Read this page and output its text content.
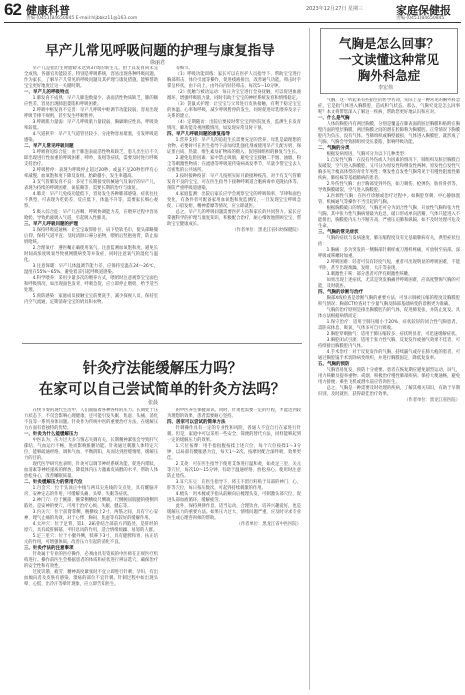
62 健康科普
责编·(0451)84650845 E-mail:hljbbkz11@163.com
2023年12月27日 星期三	家庭保健报
责编·(0451)84650845
早产儿常见呼吸问题的护理与康复指导
徐丽君

早产儿是指出生时胎龄未达到37周的新生儿。由于其发育尚未完全成熟，各器官功能较差，特别是呼吸系统，容易出现各种呼吸问题。作为家长，了解早产儿常见的呼吸问题及其护理与康复措施，能够帮助宝宝更好地度过这一关键时期。

一、早产儿的呼吸特点

1.肺发育不成熟：早产儿肺泡数量少、表面活性物质缺乏，肺的顺应性差，容易出现肺泡萎陷和呼吸困难。

2.呼吸中枢发育不完善：早产儿呼吸中枢调节功能较弱，容易出现呼吸节律不规则，甚至发生呼吸暂停。

3.呼吸肌力量弱：早产儿呼吸肌力量较弱，胸廓顺应性高，呼吸效率较低。

4.气道狭窄：早产儿气道管径较小，分泌物容易堵塞，引发呼吸道感染。

二、早产儿常见呼吸问题

1.呼吸窘迫综合征：由于肺泡表面活性物质缺乏，患儿出生后不久即出现进行性加重的呼吸困难、呻吟、发绀等症状，需要及时进行呼吸支持治疗。

2.呼吸暂停：表现为呼吸停止超过20秒，或虽不足20秒但伴有心率减慢、血氧饱和度下降及发绀。胎龄越小，发生率越高。

3.支气管肺发育不良：多见于长期接受机械通气及氧疗的早产儿，表现为持续的呼吸困难、氧依赖等，需要长期的治疗与康复。

4.肺炎：早产儿免疫功能低下，容易发生各种肺部感染，症状往往不典型，可表现为吃奶差、反应低下、体温不升等，需要家长细心观察。

5.吸入综合征：早产儿吞咽、呼吸协调能力差，在喂养过程中容易呛奶，导致奶液吸入气道，引起吸入性肺炎。

三、早产儿呼吸问题的护理

1.保持呼吸道通畅：让宝宝取仰卧位，肩下垫软毛巾，使头部略微后仰，保持气道平直；及时清除口鼻分泌物，喂奶后竖抱拍背，防止溢奶呛咳。

2.合理氧疗：遵医嘱正确使用氧气，注意监测血氧饱和度，避免长时间高浓度吸氧导致视网膜病变等并发症，同时注意氧气的湿化与温化。

3.注意保暖：早产儿体温调节能力差，应保持室温在24～26℃，湿度在55%～65%，避免着凉引起呼吸道感染。

4.科学喂养：采用少量多次的喂养方式，喂奶时注意观察宝宝面色和呼吸情况，如出现面色发青、呼吸急促，应立即停止喂奶，给予适当处理。

5.预防感染：家庭成员接触宝宝前要洗手，减少探视人员，保持室内空气流通，定期消毒宝宝的奶具和衣物。

等细节。

（1）呼吸功能训练：家长可以在医护人员指导下，帮助宝宝进行胸部叩击、体位引流等操作，促进痰液排出，改善通气功能。叩击时手掌呈杯状，由下向上、由外向内轻轻叩击，每次5～10分钟。

（2）抚触与被动运动：每日为宝宝进行全身抚触，可以促进血液循环，增强呼吸肌力量，同时有助于宝宝的神经系统发育和情绪稳定。

（3）袋鼠式护理：让宝宝与父母进行皮肤接触，有利于稳定宝宝的体温、心率和呼吸，减少呼吸暂停的发生，同时促进母乳喂养及亲子关系的建立。

（4）定期随访：出院后要按时带宝宝到医院复查，监测生长发育情况、肺功能及视网膜情况，如发现异常及时干预。

四、早产儿呼吸问题的康复指导

1.营养支持：早产儿的追赶生长需要充足的营养，母乳是最理想的食物，必要时可在医生指导下添加母乳强化剂或使用早产儿配方奶，保证蛋白质、热量、维生素及矿物质的摄入，促进肺组织的修复与生长。

2.避免危险因素：家中禁止吸烟，避免宝宝接触二手烟、油烟、粉尘等刺激性物质；在流感等呼吸道传染病高发季节，尽量少带宝宝去人员密集的公共场所。

3.按时接种疫苗：早产儿按照实际月龄接种疫苗，对于有支气管肺发育不良的宝宝，可在医生指导下接种呼吸道合胞病毒单克隆抗体等，预防严重呼吸道感染。

4.家庭监测：出院后家长应学会观察宝宝的呼吸频率、节律和面色变化，有条件者可配备家用血氧饱和度监测仪，一旦发现宝宝呼吸急促、口唇发绀、精神萎靡等情况，应立即就医。

总之，早产儿的呼吸问题需要医护人员和家长的共同努力。家长应掌握科学的护理与康复知识，积极配合治疗，耐心细致地照顾宝宝，帮助宝宝健康成长。

（作者单位：黑龙江省妇幼保健院）

针灸疗法能缓解压力吗？
在家可以自己尝试简单的针灸方法吗？
张晨

在快节奏的现代生活中，人们面临着各种各样的压力。长期处于压力状态下，不仅会影响心理健康，还可能引发失眠、焦虑、头痛、消化不良等一系列身体问题。针灸作为传统中医的重要治疗方法，在缓解压力方面有着独特的优势。

一、针灸为什么能缓解压力

中医认为，压力过大多与情志失调有关，长期精神紧张会导致肝气郁结、气血运行不畅，进而影响脏腑功能。针灸通过刺激人体特定穴位，能够疏通经络、调和气血、平衡阴阳，从而达到舒缓情绪、缓解压力的目的。

现代医学研究也表明，针灸可以调节神经系统功能，促进内啡肽、血清素等神经递质的释放，降低体内压力激素皮质醇的水平，帮助人体放松身心，改善睡眠质量。

二、针灸缓解压力的常用穴位

1.百会穴：位于头顶正中线与两耳尖连线的交点处，具有醒脑开窍、安神定志的作用，可缓解头痛、头晕、失眠等症状。

2.神门穴：位于腕部，腕掌侧横纹尺侧端，尺侧腕屈肌腱的桡侧凹陷处，是安神的要穴，可用于治疗心烦、失眠、健忘等。

3.内关穴：位于前臂掌侧，腕横纹上2寸，两筋之间，具有宁心安神、理气止痛的功效，对于心悸、胸闷、焦虑等有较好的缓解作用。

4.太冲穴：位于足背，第1、2跖骨结合部前方凹陷处，是肝经的原穴，具有疏肝解郁、平肝息风的作用，适合情绪烦躁、易怒的人群。

5.足三里穴：位于小腿外侧，犊鼻下3寸，具有健脾和胃、扶正培元的作用，可增强体质，改善压力引起的消化不良。

三、针灸疗法的注意事项

针灸属于专业的医疗操作，必须由具有资质的中医师在正规医疗机构进行。操作前医生会根据患者的体质和症状进行辨证选穴，确保治疗的安全性和有效性。

过度饥饿、疲劳、精神高度紧张时不宜立即进行针刺；孕妇、有出血倾向者及皮肤有感染、溃疡的部位不宜针刺。针刺过程中如出现头晕、心慌、出冷汗等晕针现象，应立即告知医生。

的中医养生保健知识。同时，针灸也需要一定的疗程，才能达到较为理想的效果，患者需要耐心坚持。

四、居家可以尝试的简单方法

针刺操作具有一定的专业性和风险，普通人不宜自行在家进行针刺。但是，家庭中可以采用一些安全、简便的替代方法，同样能够起到一定的缓解压力的效果。

1.穴位按摩：用手指指腹按揉上述穴位，每个穴位按揉1～3分钟，以局部有酸胀感为宜，每天1～2次。按摩时配合深呼吸，效果更佳。

2.艾灸：可在医生指导下使用艾条进行温和灸，如灸足三里、关元等穴位，每次10～15分钟，有助于温通经络、放松身心。使用时注意防止烫伤。

3.耳穴压豆：在医生指导下，将王不留行籽贴于耳部的神门、心、肝等穴位，每日按压数次，可起到持续刺激的作用。

4.梳头：用木梳或手指从前额向后梳理头发，可刺激头部穴位，促进头部血液循环，缓解疲劳。

此外，保持规律作息、适当运动、合理饮食、培养兴趣爱好，也是缓解压力的重要方法。如果压力过大、情绪问题严重，应及时寻求专业医生或心理咨询师的帮助。

（作者单位：黑龙江省中医医院）

气胸是怎么回事？
一文读懂这种常见
胸外科急症
李宏伟

气胸，这一听起来有些陌生的医学名词，实际上是一种常见的胸外科急症。它是指气体进入胸膜腔，造成积气状态。那么，气胸究竟是怎么回事呢？本文将带您深入了解这一疾病，帮助您更好地认识和应对。

一、什么是气胸

人体的胸腔内有两层胸膜，分别是覆盖在肺表面的脏层胸膜和贴附在胸壁内面的壁层胸膜，两层胸膜之间的潜在腔隙称为胸膜腔。正常情况下胸膜腔内为负压，没有气体。当肺组织或胸壁破损，气体进入胸膜腔，就形成了气胸。气胸会导致肺组织受压萎陷，影响呼吸功能。

二、气胸的分类

根据发病原因，气胸可分为以下几种类型：

1.自发性气胸：在没有外伤或人为因素的情况下，肺组织及脏层胸膜自发破裂，空气进入胸膜腔。又可分为原发性和继发性两种。原发性自发性气胸多见于瘦高体型的青壮年男性；继发性自发性气胸常见于有慢性阻塞性肺疾病、肺结核等基础肺病的患者。

2.外伤性气胸：由于胸部受到外伤，如刀刺伤、枪弹伤、肋骨骨折等，导致胸膜破裂，空气进入胸膜腔。

3.医源性气胸：在医疗诊断或治疗过程中，如胸腔穿刺、中心静脉置管、机械通气等操作不当引起的气胸。

根据胸膜破口的情况，气胸还可分为闭合性气胸、开放性气胸和张力性气胸。其中张力性气胸病情最为危急，破口形成单向活瓣，气体只能进入不能排出，胸膜腔内压力不断升高，严重压迫肺和纵隔，如不及时处理可危及生命。

三、气胸的常见症状

气胸的症状与发病速度、肺压缩程度及有无基础肺病有关，典型症状包括：

1.胸痛：多为突发的一侧胸部针刺样或刀割样疼痛，可放射至肩部，深呼吸或咳嗽时加重。

2.呼吸困难：轻者可仅有轻度气短，重者可出现明显的呼吸困难，不能平卧，甚至出现烦躁、发绀、大汗等表现。

3.刺激性干咳：部分患者可伴有刺激性咳嗽。

如果出现上述症状，尤其是突发胸痛伴呼吸困难，应高度警惕气胸的可能，及时就医。

四、气胸的诊断与治疗

胸部X线检查是诊断气胸的重要方法，可显示肺被压缩的程度及胸膜腔积气情况；胸部CT检查对于少量气胸及肺部基础病变的诊断更为准确。

气胸的治疗原则是排出胸膜腔内的气体，促进肺复张，并防止复发。具体方法根据病情而定：

1.保守治疗：适用于肺压缩小于20%、症状较轻的闭合性气胸患者。需卧床休息、吸氧，气体多可自行吸收。

2.胸腔穿刺抽气：适用于肺压缩较多、症状明显者，可迅速缓解症状。

3.胸腔闭式引流：适用于张力性气胸、反复发作或抽气效果不佳者，可持续排出胸膜腔内气体。

4.手术治疗：对于反复发作的气胸、持续漏气或存在肺大疱的患者，可通过胸腔镜手术切除病变组织，并进行胸膜固定，降低复发率。

五、气胸的预防

气胸容易复发，预防十分重要。患者在恢复期应避免剧烈运动、屏气、用力咳嗽及提举重物；戒烟，积极治疗慢性肺部疾病；保持大便通畅，避免用力排便；乘坐飞机或潜水前应咨询医生。

总之，气胸是一种需要及时处理的疾病，了解其相关知识，有助于早期识别、及时就医，获得最佳治疗效果。

（作者单位：黑龙江省医院）
